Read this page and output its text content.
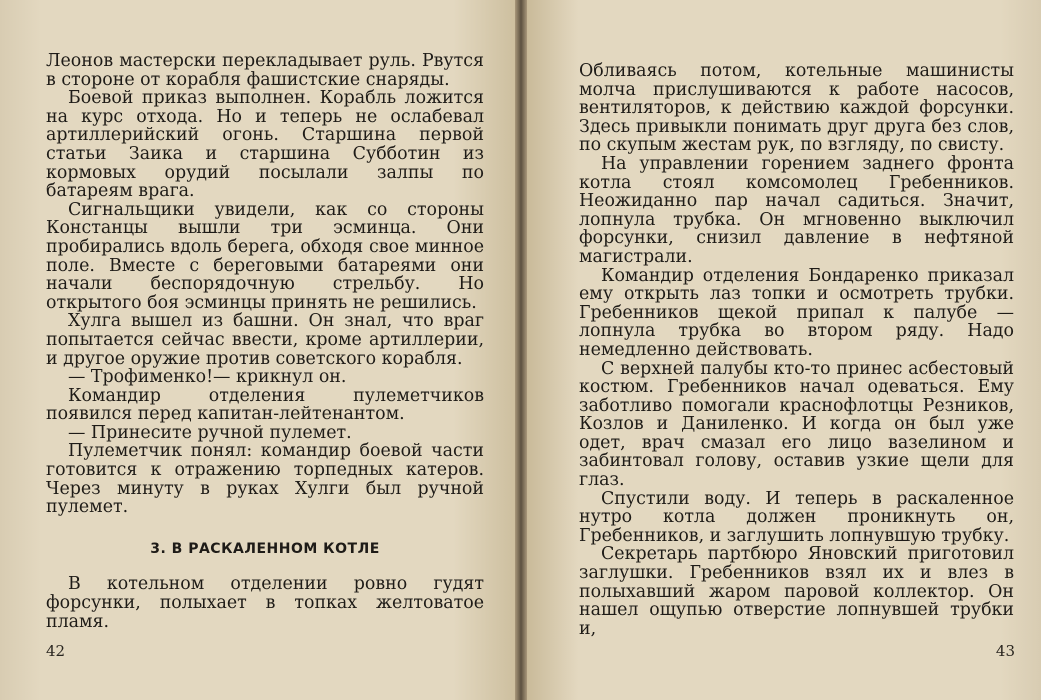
Леонов мастерски перекладывает руль. Рвутся в стороне от корабля фашистские снаряды.

Боевой приказ выполнен. Корабль ложится на курс отхода. Но и теперь не ослабевал артиллерийский огонь. Старшина первой статьи Заика и старшина Субботин из кормовых орудий посылали залпы по батареям врага.

Сигнальщики увидели, как со стороны Констанцы вышли три эсминца. Они пробирались вдоль берега, обходя свое минное поле. Вместе с береговыми батареями они начали беспорядочную стрельбу. Но открытого боя эсминцы принять не решились.

Хулга вышел из башни. Он знал, что враг попытается сейчас ввести, кроме артиллерии, и другое оружие против советского корабля.

— Трофименко!— крикнул он.

Командир отделения пулеметчиков появился перед капитан-лейтенантом.

— Принесите ручной пулемет.

Пулеметчик понял: командир боевой части готовится к отражению торпедных катеров. Через минуту в руках Хулги был ручной пулемет.

3. В РАСКАЛЕННОМ КОТЛЕ

В котельном отделении ровно гудят форсунки, полыхает в топках желтоватое пламя.

42

Обливаясь потом, котельные машинисты молча прислушиваются к работе насосов, вентиляторов, к действию каждой форсунки. Здесь привыкли понимать друг друга без слов, по скупым жестам рук, по взгляду, по свисту.

На управлении горением заднего фронта котла стоял комсомолец Гребенников. Неожиданно пар начал садиться. Значит, лопнула трубка. Он мгновенно выключил форсунки, снизил давление в нефтяной магистрали.

Командир отделения Бондаренко приказал ему открыть лаз топки и осмотреть трубки. Гребенников щекой припал к палубе — лопнула трубка во втором ряду. Надо немедленно действовать.

С верхней палубы кто-то принес асбестовый костюм. Гребенников начал одеваться. Ему заботливо помогали краснофлотцы Резников, Козлов и Даниленко. И когда он был уже одет, врач смазал его лицо вазелином и забинтовал голову, оставив узкие щели для глаз.

Спустили воду. И теперь в раскаленное нутро котла должен проникнуть он, Гребенников, и заглушить лопнувшую трубку.

Секретарь партбюро Яновский приготовил заглушки. Гребенников взял их и влез в полыхавший жаром паровой коллектор. Он нашел ощупью отверстие лопнувшей трубки и,

43
